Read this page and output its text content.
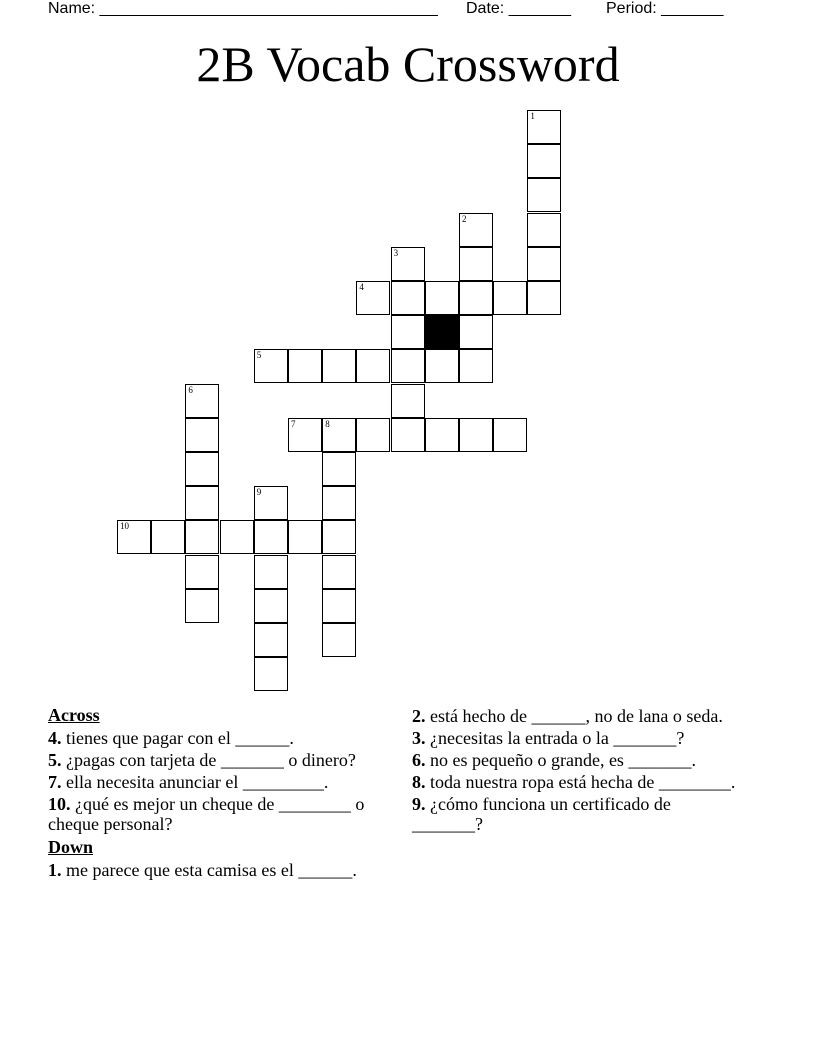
Name: ______________________________________ Date: _______ Period: _______
2B Vocab Crossword
1
2
3
4
5
6
7	8
9
10
Across
4. tienes que pagar con el ______.
5. ¿pagas con tarjeta de _______ o dinero?
7. ella necesita anunciar el _________.
10. ¿qué es mejor un cheque de ________ o cheque personal?
Down
1. me parece que esta camisa es el ______.
2. está hecho de ______, no de lana o seda.
3. ¿necesitas la entrada o la _______?
6. no es pequeño o grande, es _______.
8. toda nuestra ropa está hecha de ________.
9. ¿cómo funciona un certificado de _______?
